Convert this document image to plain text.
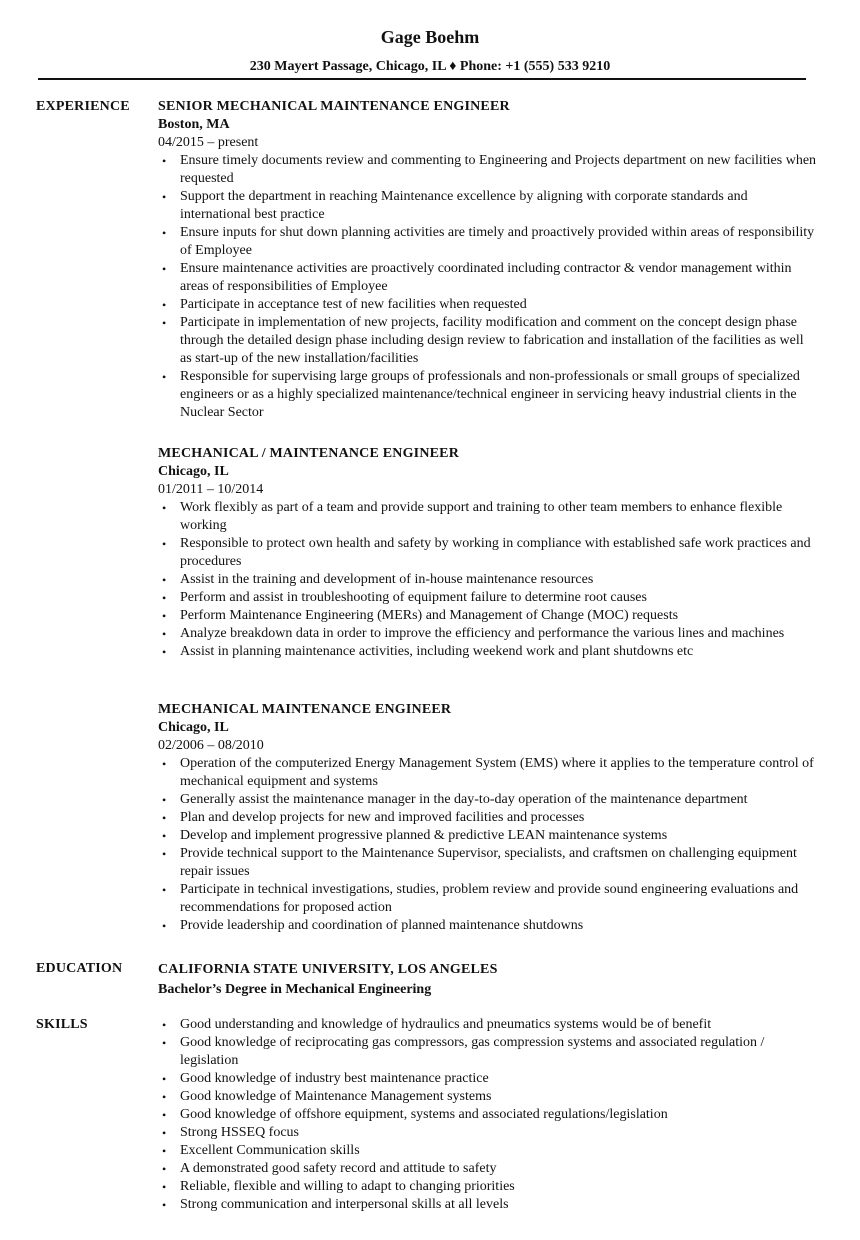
Gage Boehm
230 Mayert Passage, Chicago, IL ♦ Phone: +1 (555) 533 9210
EXPERIENCE SENIOR MECHANICAL MAINTENANCE ENGINEER
Boston, MA
04/2015 – present
• Ensure timely documents review and commenting to Engineering and Projects department on new facilities when requested
• Support the department in reaching Maintenance excellence by aligning with corporate standards and international best practice
• Ensure inputs for shut down planning activities are timely and proactively provided within areas of responsibility of Employee
• Ensure maintenance activities are proactively coordinated including contractor & vendor management within areas of responsibilities of Employee
• Participate in acceptance test of new facilities when requested
• Participate in implementation of new projects, facility modification and comment on the concept design phase through the detailed design phase including design review to fabrication and installation of the facilities as well as start-up of the new installation/facilities
• Responsible for supervising large groups of professionals and non-professionals or small groups of specialized engineers or as a highly specialized maintenance/technical engineer in servicing heavy industrial clients in the Nuclear Sector
MECHANICAL / MAINTENANCE ENGINEER
Chicago, IL
01/2011 – 10/2014
• Work flexibly as part of a team and provide support and training to other team members to enhance flexible working
• Responsible to protect own health and safety by working in compliance with established safe work practices and procedures
• Assist in the training and development of in-house maintenance resources
• Perform and assist in troubleshooting of equipment failure to determine root causes
• Perform Maintenance Engineering (MERs) and Management of Change (MOC) requests
• Analyze breakdown data in order to improve the efficiency and performance the various lines and machines
• Assist in planning maintenance activities, including weekend work and plant shutdowns etc
MECHANICAL MAINTENANCE ENGINEER
Chicago, IL
02/2006 – 08/2010
• Operation of the computerized Energy Management System (EMS) where it applies to the temperature control of mechanical equipment and systems
• Generally assist the maintenance manager in the day-to-day operation of the maintenance department
• Plan and develop projects for new and improved facilities and processes
• Develop and implement progressive planned & predictive LEAN maintenance systems
• Provide technical support to the Maintenance Supervisor, specialists, and craftsmen on challenging equipment repair issues
• Participate in technical investigations, studies, problem review and provide sound engineering evaluations and recommendations for proposed action
• Provide leadership and coordination of planned maintenance shutdowns
EDUCATION	CALIFORNIA STATE UNIVERSITY, LOS ANGELES
Bachelor’s Degree in Mechanical Engineering
SKILLS	• Good understanding and knowledge of hydraulics and pneumatics systems would be of benefit
• Good knowledge of reciprocating gas compressors, gas compression systems and associated regulation / legislation
• Good knowledge of industry best maintenance practice
• Good knowledge of Maintenance Management systems
• Good knowledge of offshore equipment, systems and associated regulations/legislation
• Strong HSSEQ focus
• Excellent Communication skills
• A demonstrated good safety record and attitude to safety
• Reliable, flexible and willing to adapt to changing priorities
• Strong communication and interpersonal skills at all levels
